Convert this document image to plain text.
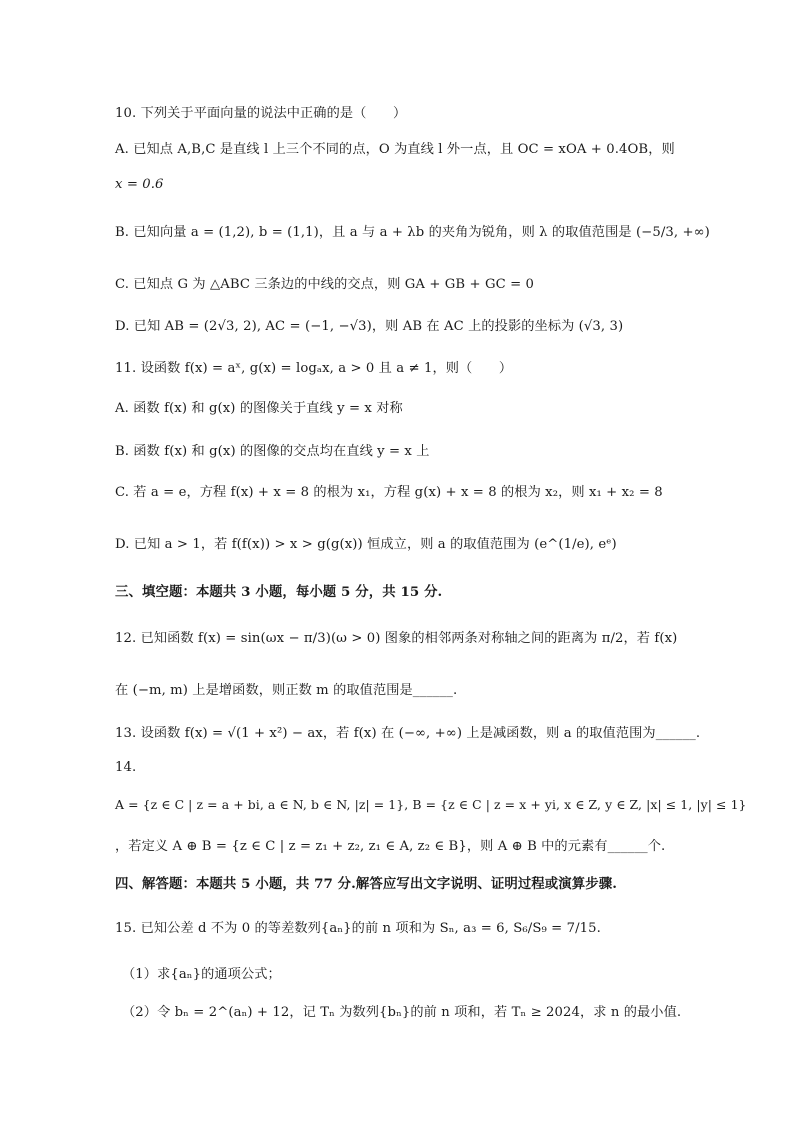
10. 下列关于平面向量的说法中正确的是（　　）
A. 已知点 A,B,C 是直线 l 上三个不同的点，O 为直线 l 外一点，且 OC = xOA + 0.4OB，则
x = 0.6
B. 已知向量 a = (1,2), b = (1,1)，且 a 与 a + λb 的夹角为锐角，则 λ 的取值范围是 (−5/3, +∞)
C. 已知点 G 为 △ABC 三条边的中线的交点，则 GA + GB + GC = 0
D. 已知 AB = (2√3, 2), AC = (−1, −√3)，则 AB 在 AC 上的投影的坐标为 (√3, 3)
11. 设函数 f(x) = aˣ, g(x) = logₐx, a > 0 且 a ≠ 1，则（　　）
A. 函数 f(x) 和 g(x) 的图像关于直线 y = x 对称
B. 函数 f(x) 和 g(x) 的图像的交点均在直线 y = x 上
C. 若 a = e，方程 f(x) + x = 8 的根为 x₁，方程 g(x) + x = 8 的根为 x₂，则 x₁ + x₂ = 8
D. 已知 a > 1，若 f(f(x)) > x > g(g(x)) 恒成立，则 a 的取值范围为 (e^(1/e), eᵉ)
三、填空题：本题共 3 小题，每小题 5 分，共 15 分.
12. 已知函数 f(x) = sin(ωx − π/3)(ω > 0) 图象的相邻两条对称轴之间的距离为 π/2，若 f(x)
在 (−m, m) 上是增函数，则正数 m 的取值范围是______.
13. 设函数 f(x) = √(1 + x²) − ax，若 f(x) 在 (−∞, +∞) 上是减函数，则 a 的取值范围为______.
14.
A = {z ∈ C | z = a + bi, a ∈ N, b ∈ N, |z| = 1}, B = {z ∈ C | z = x + yi, x ∈ Z, y ∈ Z, |x| ≤ 1, |y| ≤ 1}
，若定义 A ⊕ B = {z ∈ C | z = z₁ + z₂, z₁ ∈ A, z₂ ∈ B}，则 A ⊕ B 中的元素有______个.
四、解答题：本题共 5 小题，共 77 分.解答应写出文字说明、证明过程或演算步骤.
15. 已知公差 d 不为 0 的等差数列{aₙ}的前 n 项和为 Sₙ, a₃ = 6, S₆/S₉ = 7/15.
（1）求{aₙ}的通项公式；
（2）令 bₙ = 2^(aₙ) + 12，记 Tₙ 为数列{bₙ}的前 n 项和，若 Tₙ ≥ 2024，求 n 的最小值.
